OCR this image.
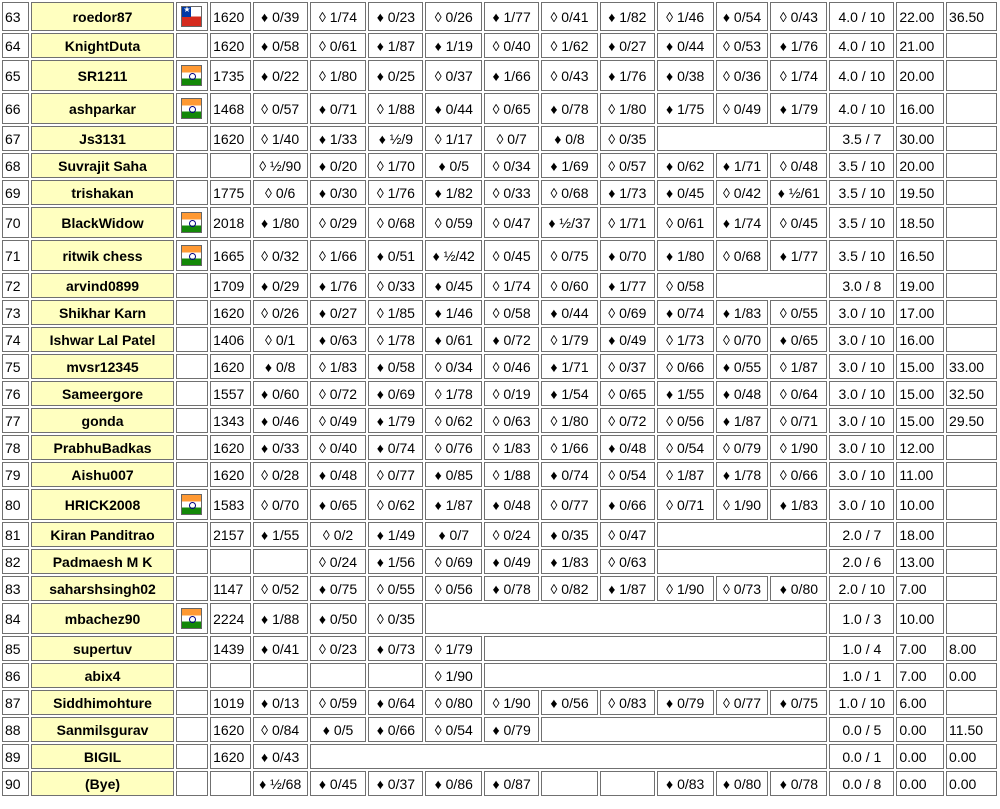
63	roedor87	★	1620	♦ 0/39	◊ 1/74	♦ 0/23	◊ 0/26	♦ 1/77	◊ 0/41	♦ 1/82	◊ 1/46	♦ 0/54	◊ 0/43	4.0 / 10	22.00	36.50
64	KnightDuta		1620	♦ 0/58	◊ 0/61	♦ 1/87	♦ 1/19	◊ 0/40	◊ 1/62	♦ 0/27	♦ 0/44	◊ 0/53	♦ 1/76	4.0 / 10	21.00	
65	SR1211		1735	♦ 0/22	◊ 1/80	♦ 0/25	◊ 0/37	♦ 1/66	◊ 0/43	♦ 1/76	♦ 0/38	◊ 0/36	◊ 1/74	4.0 / 10	20.00	
66	ashparkar		1468	◊ 0/57	♦ 0/71	◊ 1/88	♦ 0/44	◊ 0/65	♦ 0/78	◊ 1/80	♦ 1/75	◊ 0/49	♦ 1/79	4.0 / 10	16.00	
67	Js3131		1620	◊ 1/40	♦ 1/33	♦ ½/9	◊ 1/17	◊ 0/7	♦ 0/8	◊ 0/35				3.5 / 7	30.00	
68	Suvrajit Saha			◊ ½/90	♦ 0/20	◊ 1/70	♦ 0/5	◊ 0/34	♦ 1/69	◊ 0/57	♦ 0/62	♦ 1/71	◊ 0/48	3.5 / 10	20.00	
69	trishakan		1775	◊ 0/6	♦ 0/30	◊ 1/76	♦ 1/82	◊ 0/33	◊ 0/68	♦ 1/73	♦ 0/45	◊ 0/42	♦ ½/61	3.5 / 10	19.50	
70	BlackWidow		2018	♦ 1/80	◊ 0/29	◊ 0/68	◊ 0/59	◊ 0/47	♦ ½/37	◊ 1/71	◊ 0/61	♦ 1/74	◊ 0/45	3.5 / 10	18.50	
71	ritwik chess		1665	◊ 0/32	◊ 1/66	♦ 0/51	♦ ½/42	◊ 0/45	◊ 0/75	♦ 0/70	♦ 1/80	◊ 0/68	♦ 1/77	3.5 / 10	16.50	
72	arvind0899		1709	♦ 0/29	♦ 1/76	◊ 0/33	♦ 0/45	◊ 1/74	◊ 0/60	♦ 1/77	◊ 0/58			3.0 / 8	19.00	
73	Shikhar Karn		1620	◊ 0/26	♦ 0/27	◊ 1/85	♦ 1/46	◊ 0/58	♦ 0/44	◊ 0/69	♦ 0/74	♦ 1/83	◊ 0/55	3.0 / 10	17.00	
74	Ishwar Lal Patel		1406	◊ 0/1	♦ 0/63	◊ 1/78	♦ 0/61	♦ 0/72	◊ 1/79	♦ 0/49	◊ 1/73	◊ 0/70	♦ 0/65	3.0 / 10	16.00	
75	mvsr12345		1620	♦ 0/8	◊ 1/83	♦ 0/58	◊ 0/34	◊ 0/46	♦ 1/71	◊ 0/37	◊ 0/66	♦ 0/55	◊ 1/87	3.0 / 10	15.00	33.00
76	Sameergore		1557	♦ 0/60	◊ 0/72	♦ 0/69	◊ 1/78	◊ 0/19	♦ 1/54	◊ 0/65	♦ 1/55	♦ 0/48	◊ 0/64	3.0 / 10	15.00	32.50
77	gonda		1343	♦ 0/46	◊ 0/49	♦ 1/79	◊ 0/62	◊ 0/63	◊ 1/80	◊ 0/72	◊ 0/56	♦ 1/87	◊ 0/71	3.0 / 10	15.00	29.50
78	PrabhuBadkas		1620	♦ 0/33	◊ 0/40	♦ 0/74	◊ 0/76	◊ 1/83	◊ 1/66	♦ 0/48	◊ 0/54	◊ 0/79	◊ 1/90	3.0 / 10	12.00	
79	Aishu007		1620	◊ 0/28	♦ 0/48	◊ 0/77	♦ 0/85	◊ 1/88	♦ 0/74	◊ 0/54	◊ 1/87	♦ 1/78	◊ 0/66	3.0 / 10	11.00	
80	HRICK2008		1583	◊ 0/70	♦ 0/65	◊ 0/62	♦ 1/87	♦ 0/48	◊ 0/77	♦ 0/66	◊ 0/71	◊ 1/90	♦ 1/83	3.0 / 10	10.00	
81	Kiran Panditrao		2157	♦ 1/55	◊ 0/2	♦ 1/49	♦ 0/7	◊ 0/24	♦ 0/35	◊ 0/47				2.0 / 7	18.00	
82	Padmaesh M K				◊ 0/24	♦ 1/56	◊ 0/69	♦ 0/49	♦ 1/83	◊ 0/63				2.0 / 6	13.00	
83	saharshsingh02		1147	◊ 0/52	♦ 0/75	◊ 0/55	◊ 0/56	♦ 0/78	◊ 0/82	♦ 1/87	◊ 1/90	◊ 0/73	♦ 0/80	2.0 / 10	7.00	
84	mbachez90		2224	♦ 1/88	♦ 0/50	◊ 0/35								1.0 / 3	10.00	
85	supertuv		1439	♦ 0/41	◊ 0/23	♦ 0/73	◊ 1/79							1.0 / 4	7.00	8.00
86	abix4						◊ 1/90							1.0 / 1	7.00	0.00
87	Siddhimohture		1019	♦ 0/13	◊ 0/59	♦ 0/64	◊ 0/80	◊ 1/90	♦ 0/56	◊ 0/83	♦ 0/79	◊ 0/77	♦ 0/75	1.0 / 10	6.00	
88	Sanmilsgurav		1620	◊ 0/84	♦ 0/5	♦ 0/66	◊ 0/54	♦ 0/79						0.0 / 5	0.00	11.50
89	BIGIL		1620	♦ 0/43										0.0 / 1	0.00	0.00
90	(Bye)			♦ ½/68	♦ 0/45	♦ 0/37	♦ 0/86	♦ 0/87			♦ 0/83	♦ 0/80	♦ 0/78	0.0 / 8	0.00	0.00
